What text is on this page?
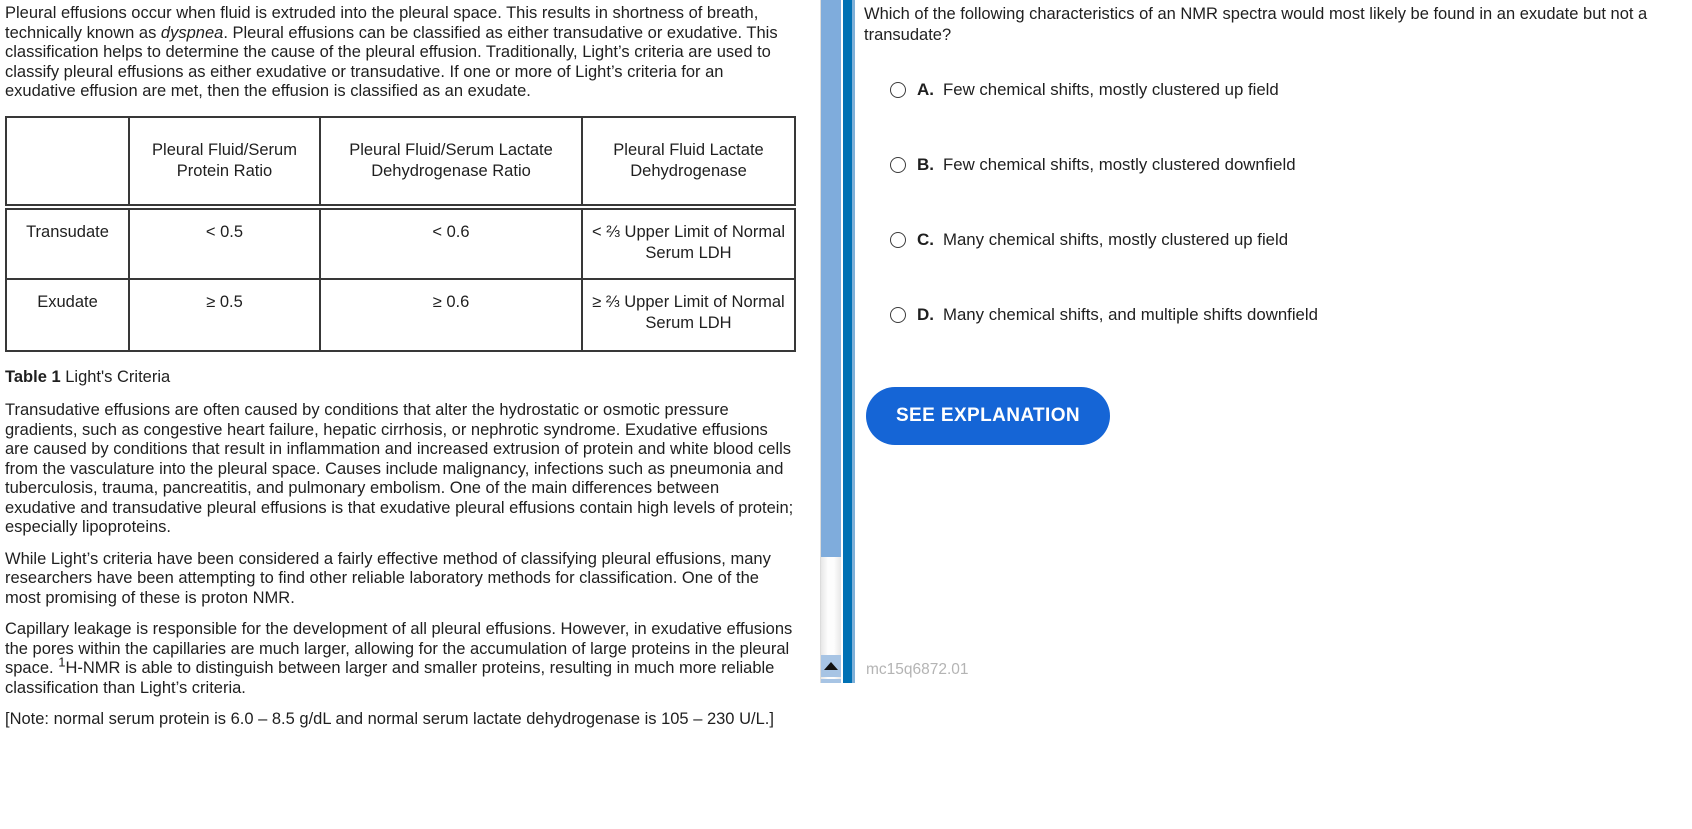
Pleural effusions occur when fluid is extruded into the pleural space. This results in shortness of breath, technically known as dyspnea. Pleural effusions can be classified as either transudative or exudative. This classification helps to determine the cause of the pleural effusion. Traditionally, Light’s criteria are used to classify pleural effusions as either exudative or transudative. If one or more of Light’s criteria for an exudative effusion are met, then the effusion is classified as an exudate.

	Pleural Fluid/Serum Protein Ratio	Pleural Fluid/Serum Lactate Dehydrogenase Ratio	Pleural Fluid Lactate Dehydrogenase
Transudate	< 0.5	< 0.6	< ⅔ Upper Limit of Normal Serum LDH
Exudate	≥ 0.5	≥ 0.6	≥ ⅔ Upper Limit of Normal Serum LDH

Table 1 Light's Criteria

Transudative effusions are often caused by conditions that alter the hydrostatic or osmotic pressure gradients, such as congestive heart failure, hepatic cirrhosis, or nephrotic syndrome. Exudative effusions are caused by conditions that result in inflammation and increased extrusion of protein and white blood cells from the vasculature into the pleural space. Causes include malignancy, infections such as pneumonia and tuberculosis, trauma, pancreatitis, and pulmonary embolism. One of the main differences between exudative and transudative pleural effusions is that exudative pleural effusions contain high levels of protein; especially lipoproteins.

While Light’s criteria have been considered a fairly effective method of classifying pleural effusions, many researchers have been attempting to find other reliable laboratory methods for classification. One of the most promising of these is proton NMR.

Capillary leakage is responsible for the development of all pleural effusions. However, in exudative effusions the pores within the capillaries are much larger, allowing for the accumulation of large proteins in the pleural space. $^1$H-NMR is able to distinguish between larger and smaller proteins, resulting in much more reliable classification than Light’s criteria.

[Note: normal serum protein is 6.0 – 8.5 g/dL and normal serum lactate dehydrogenase is 105 – 230 U/L.]

Which of the following characteristics of an NMR spectra would most likely be found in an exudate but not a transudate?

A. Few chemical shifts, mostly clustered up field
B. Few chemical shifts, mostly clustered downfield
C. Many chemical shifts, mostly clustered up field
D. Many chemical shifts, and multiple shifts downfield
SEE EXPLANATION
mc15q6872.01
